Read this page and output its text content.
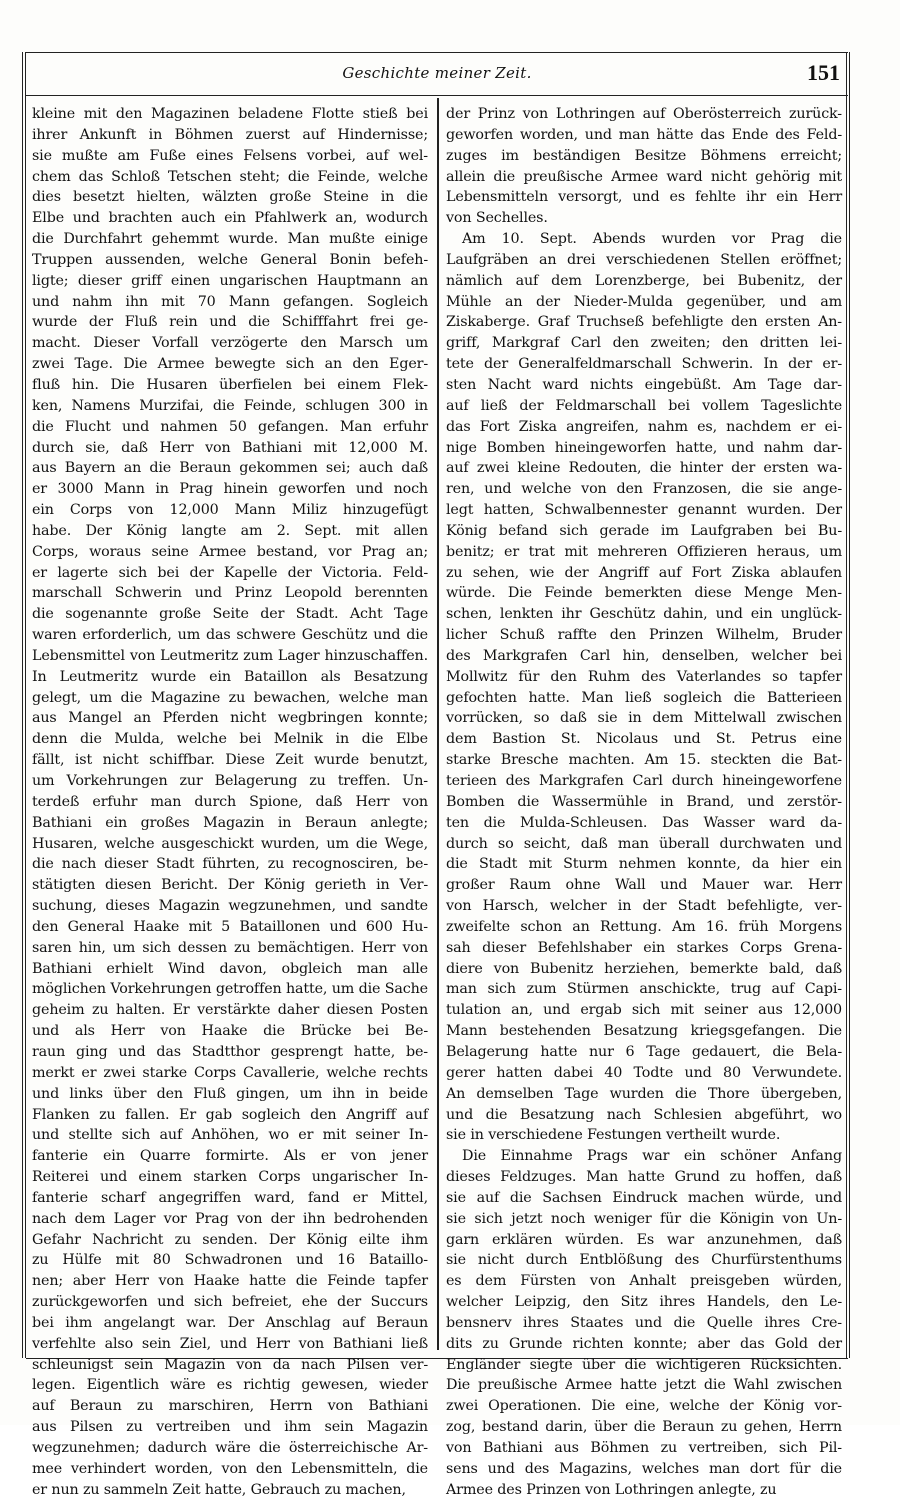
Geschichte meiner Zeit.	151
kleine mit den Magazinen beladene Flotte stieß bei
ihrer Ankunft in Böhmen zuerst auf Hindernisse;
sie mußte am Fuße eines Felsens vorbei, auf wel-
chem das Schloß Tetschen steht; die Feinde, welche
dies besetzt hielten, wälzten große Steine in die
Elbe und brachten auch ein Pfahlwerk an, wodurch
die Durchfahrt gehemmt wurde. Man mußte einige
Truppen aussenden, welche General Bonin befeh-
ligte; dieser griff einen ungarischen Hauptmann an
und nahm ihn mit 70 Mann gefangen. Sogleich
wurde der Fluß rein und die Schifffahrt frei ge-
macht. Dieser Vorfall verzögerte den Marsch um
zwei Tage. Die Armee bewegte sich an den Eger-
fluß hin. Die Husaren überfielen bei einem Flek-
ken, Namens Murzifai, die Feinde, schlugen 300 in
die Flucht und nahmen 50 gefangen. Man erfuhr
durch sie, daß Herr von Bathiani mit 12,000 M.
aus Bayern an die Beraun gekommen sei; auch daß
er 3000 Mann in Prag hinein geworfen und noch
ein Corps von 12,000 Mann Miliz hinzugefügt
habe. Der König langte am 2. Sept. mit allen
Corps, woraus seine Armee bestand, vor Prag an;
er lagerte sich bei der Kapelle der Victoria. Feld-
marschall Schwerin und Prinz Leopold berennten
die sogenannte große Seite der Stadt. Acht Tage
waren erforderlich, um das schwere Geschütz und die
Lebensmittel von Leutmeritz zum Lager hinzuschaffen.
In Leutmeritz wurde ein Bataillon als Besatzung
gelegt, um die Magazine zu bewachen, welche man
aus Mangel an Pferden nicht wegbringen konnte;
denn die Mulda, welche bei Melnik in die Elbe
fällt, ist nicht schiffbar. Diese Zeit wurde benutzt,
um Vorkehrungen zur Belagerung zu treffen. Un-
terdeß erfuhr man durch Spione, daß Herr von
Bathiani ein großes Magazin in Beraun anlegte;
Husaren, welche ausgeschickt wurden, um die Wege,
die nach dieser Stadt führten, zu recognosciren, be-
stätigten diesen Bericht. Der König gerieth in Ver-
suchung, dieses Magazin wegzunehmen, und sandte
den General Haake mit 5 Bataillonen und 600 Hu-
saren hin, um sich dessen zu bemächtigen. Herr von
Bathiani erhielt Wind davon, obgleich man alle
möglichen Vorkehrungen getroffen hatte, um die Sache
geheim zu halten. Er verstärkte daher diesen Posten
und als Herr von Haake die Brücke bei Be-
raun ging und das Stadtthor gesprengt hatte, be-
merkt er zwei starke Corps Cavallerie, welche rechts
und links über den Fluß gingen, um ihn in beide
Flanken zu fallen. Er gab sogleich den Angriff auf
und stellte sich auf Anhöhen, wo er mit seiner In-
fanterie ein Quarre formirte. Als er von jener
Reiterei und einem starken Corps ungarischer In-
fanterie scharf angegriffen ward, fand er Mittel,
nach dem Lager vor Prag von der ihn bedrohenden
Gefahr Nachricht zu senden. Der König eilte ihm
zu Hülfe mit 80 Schwadronen und 16 Bataillo-
nen; aber Herr von Haake hatte die Feinde tapfer
zurückgeworfen und sich befreiet, ehe der Succurs
bei ihm angelangt war. Der Anschlag auf Beraun
verfehlte also sein Ziel, und Herr von Bathiani ließ
schleunigst sein Magazin von da nach Pilsen ver-
legen. Eigentlich wäre es richtig gewesen, wieder
auf Beraun zu marschiren, Herrn von Bathiani
aus Pilsen zu vertreiben und ihm sein Magazin
wegzunehmen; dadurch wäre die österreichische Ar-
mee verhindert worden, von den Lebensmitteln, die
er nun zu sammeln Zeit hatte, Gebrauch zu machen,
der Prinz von Lothringen auf Oberösterreich zurück-
geworfen worden, und man hätte das Ende des Feld-
zuges im beständigen Besitze Böhmens erreicht;
allein die preußische Armee ward nicht gehörig mit
Lebensmitteln versorgt, und es fehlte ihr ein Herr
von Sechelles.
Am 10. Sept. Abends wurden vor Prag die
Laufgräben an drei verschiedenen Stellen eröffnet;
nämlich auf dem Lorenzberge, bei Bubenitz, der
Mühle an der Nieder-Mulda gegenüber, und am
Ziskaberge. Graf Truchseß befehligte den ersten An-
griff, Markgraf Carl den zweiten; den dritten lei-
tete der Generalfeldmarschall Schwerin. In der er-
sten Nacht ward nichts eingebüßt. Am Tage dar-
auf ließ der Feldmarschall bei vollem Tageslichte
das Fort Ziska angreifen, nahm es, nachdem er ei-
nige Bomben hineingeworfen hatte, und nahm dar-
auf zwei kleine Redouten, die hinter der ersten wa-
ren, und welche von den Franzosen, die sie ange-
legt hatten, Schwalbennester genannt wurden. Der
König befand sich gerade im Laufgraben bei Bu-
benitz; er trat mit mehreren Offizieren heraus, um
zu sehen, wie der Angriff auf Fort Ziska ablaufen
würde. Die Feinde bemerkten diese Menge Men-
schen, lenkten ihr Geschütz dahin, und ein unglück-
licher Schuß raffte den Prinzen Wilhelm, Bruder
des Markgrafen Carl hin, denselben, welcher bei
Mollwitz für den Ruhm des Vaterlandes so tapfer
gefochten hatte. Man ließ sogleich die Batterieen
vorrücken, so daß sie in dem Mittelwall zwischen
dem Bastion St. Nicolaus und St. Petrus eine
starke Bresche machten. Am 15. steckten die Bat-
terieen des Markgrafen Carl durch hineingeworfene
Bomben die Wassermühle in Brand, und zerstör-
ten die Mulda-Schleusen. Das Wasser ward da-
durch so seicht, daß man überall durchwaten und
die Stadt mit Sturm nehmen konnte, da hier ein
großer Raum ohne Wall und Mauer war. Herr
von Harsch, welcher in der Stadt befehligte, ver-
zweifelte schon an Rettung. Am 16. früh Morgens
sah dieser Befehlshaber ein starkes Corps Grena-
diere von Bubenitz herziehen, bemerkte bald, daß
man sich zum Stürmen anschickte, trug auf Capi-
tulation an, und ergab sich mit seiner aus 12,000
Mann bestehenden Besatzung kriegsgefangen. Die
Belagerung hatte nur 6 Tage gedauert, die Bela-
gerer hatten dabei 40 Todte und 80 Verwundete.
An demselben Tage wurden die Thore übergeben,
und die Besatzung nach Schlesien abgeführt, wo
sie in verschiedene Festungen vertheilt wurde.
Die Einnahme Prags war ein schöner Anfang
dieses Feldzuges. Man hatte Grund zu hoffen, daß
sie auf die Sachsen Eindruck machen würde, und
sie sich jetzt noch weniger für die Königin von Un-
garn erklären würden. Es war anzunehmen, daß
sie nicht durch Entblößung des Churfürstenthums
es dem Fürsten von Anhalt preisgeben würden,
welcher Leipzig, den Sitz ihres Handels, den Le-
bensnerv ihres Staates und die Quelle ihres Cre-
dits zu Grunde richten konnte; aber das Gold der
Engländer siegte über die wichtigeren Rücksichten.
Die preußische Armee hatte jetzt die Wahl zwischen
zwei Operationen. Die eine, welche der König vor-
zog, bestand darin, über die Beraun zu gehen, Herrn
von Bathiani aus Böhmen zu vertreiben, sich Pil-
sens und des Magazins, welches man dort für die
Armee des Prinzen von Lothringen anlegte, zu
